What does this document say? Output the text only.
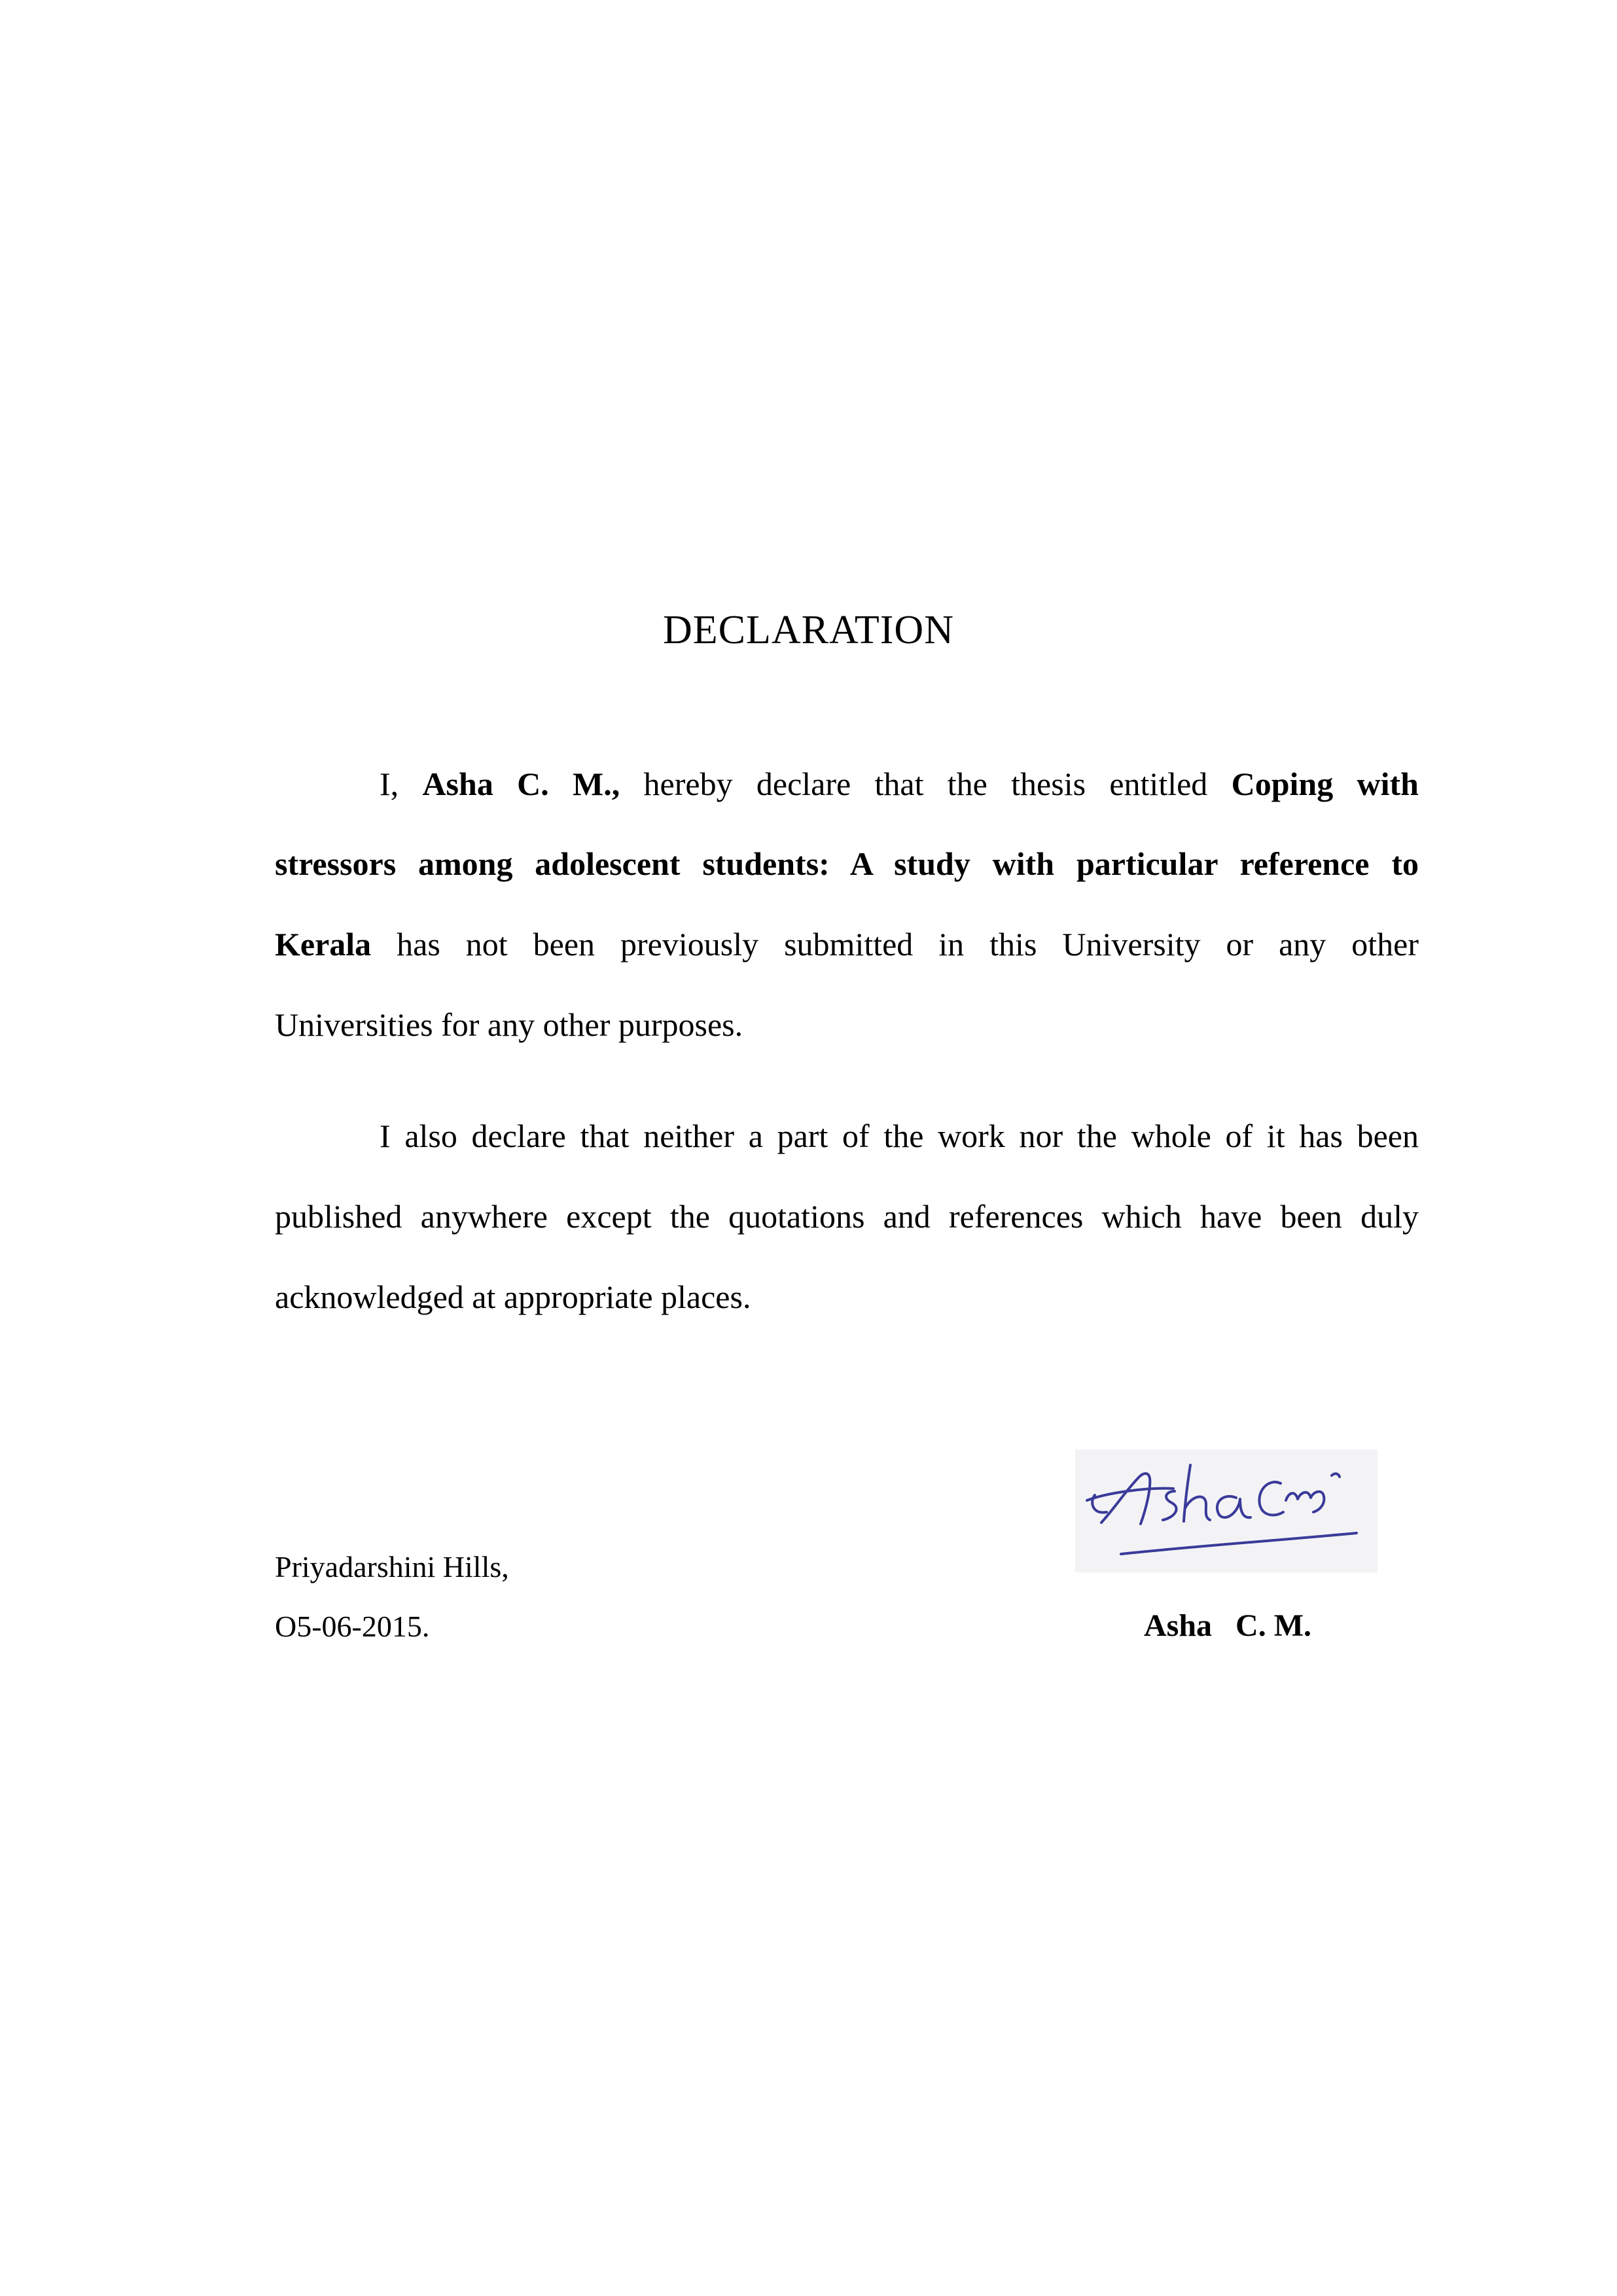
DECLARATION
I, Asha C. M., hereby declare that the thesis entitled Coping with
stressors among adolescent students: A study with particular reference to
Kerala has not been previously submitted in this University or any other
Universities for any other purposes.
I also declare that neither a part of the work nor the whole of it has been
published anywhere except the quotations and references which have been duly
acknowledged at appropriate places.
Priyadarshini Hills,
O5-06-2015.	Asha   C. M.
